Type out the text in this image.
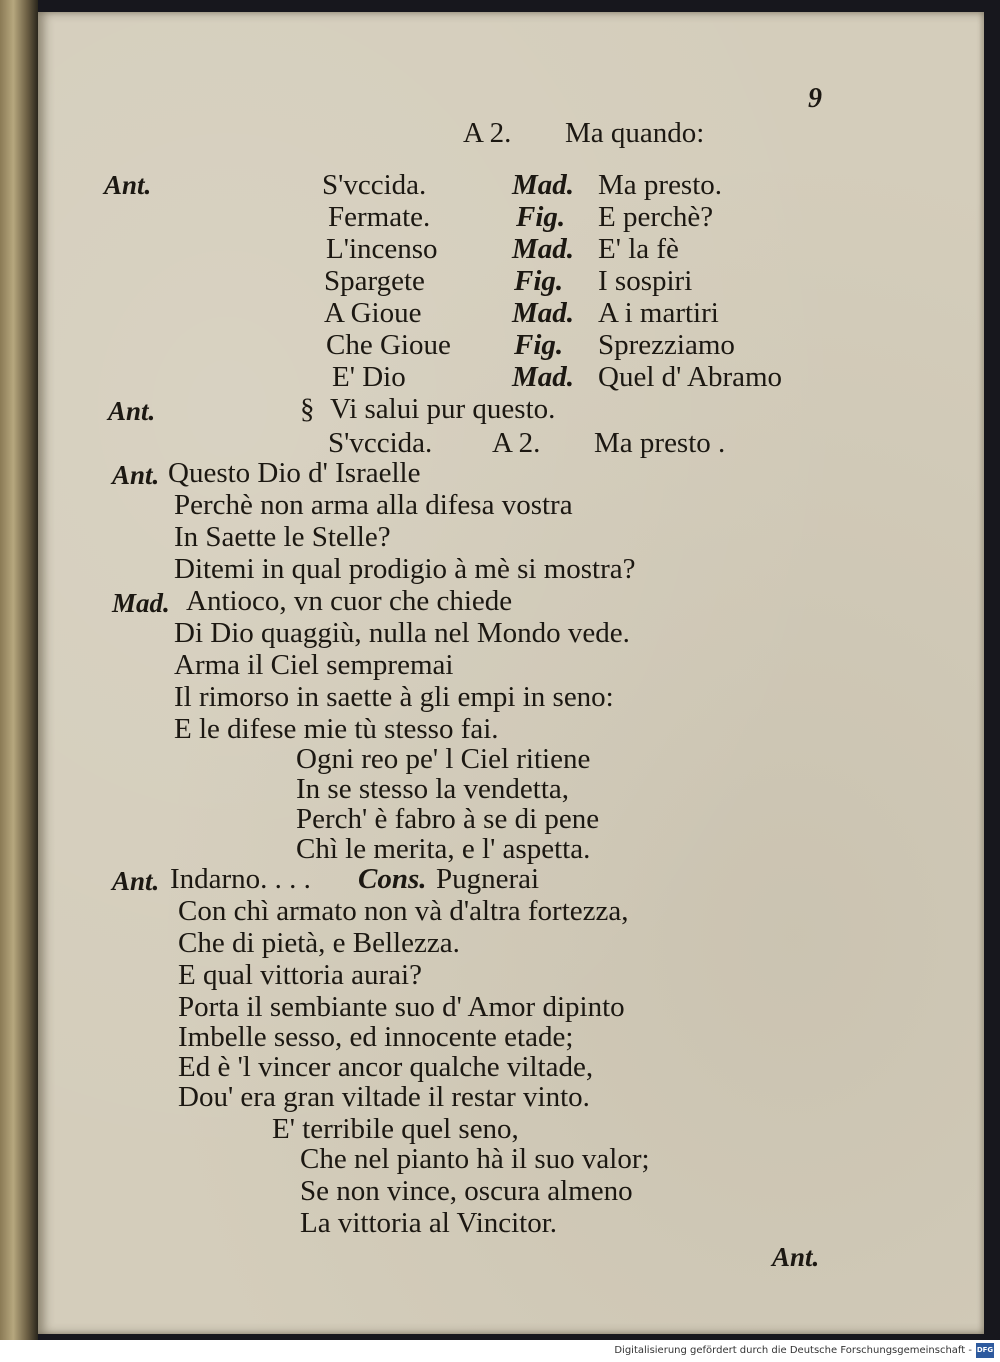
9
A 2. Ma quando:
Ant.	S'vccida.	Mad. Ma presto.
Fermate.	Fig. E perchè?
L'incenso	Mad. E' la fè
Spargete	Fig. I sospiri
A Gioue	Mad. A i martiri
Che Gioue Fig. Sprezziamo
E' Dio	Mad. Quel d' Abramo
Ant.	§ Vi salui pur questo.
S'vccida. A 2. Ma presto .
Ant. Questo Dio d' Israelle
Perchè non arma alla difesa vostra
In Saette le Stelle?
Ditemi in qual prodigio à mè si mostra?
Mad. Antioco, vn cuor che chiede
Di Dio quaggiù, nulla nel Mondo vede.
Arma il Ciel sempremai
Il rimorso in saette à gli empi in seno:
E le difese mie tù stesso fai.
Ogni reo pe' l Ciel ritiene
In se stesso la vendetta,
Perch' è fabro à se di pene
Chì le merita, e l' aspetta.
Ant. Indarno. . . . Cons. Pugnerai
Con chì armato non và d'altra fortezza,
Che di pietà, e Bellezza.
E qual vittoria aurai?
Porta il sembiante suo d' Amor dipinto
Imbelle sesso, ed innocente etade;
Ed è 'l vincer ancor qualche viltade,
Dou' era gran viltade il restar vinto.
E' terribile quel seno,
Che nel pianto hà il suo valor;
Se non vince, oscura almeno
La vittoria al Vincitor.
Ant.
Digitalisierung gefördert durch die Deutsche Forschungsgemeinschaft - DFG
